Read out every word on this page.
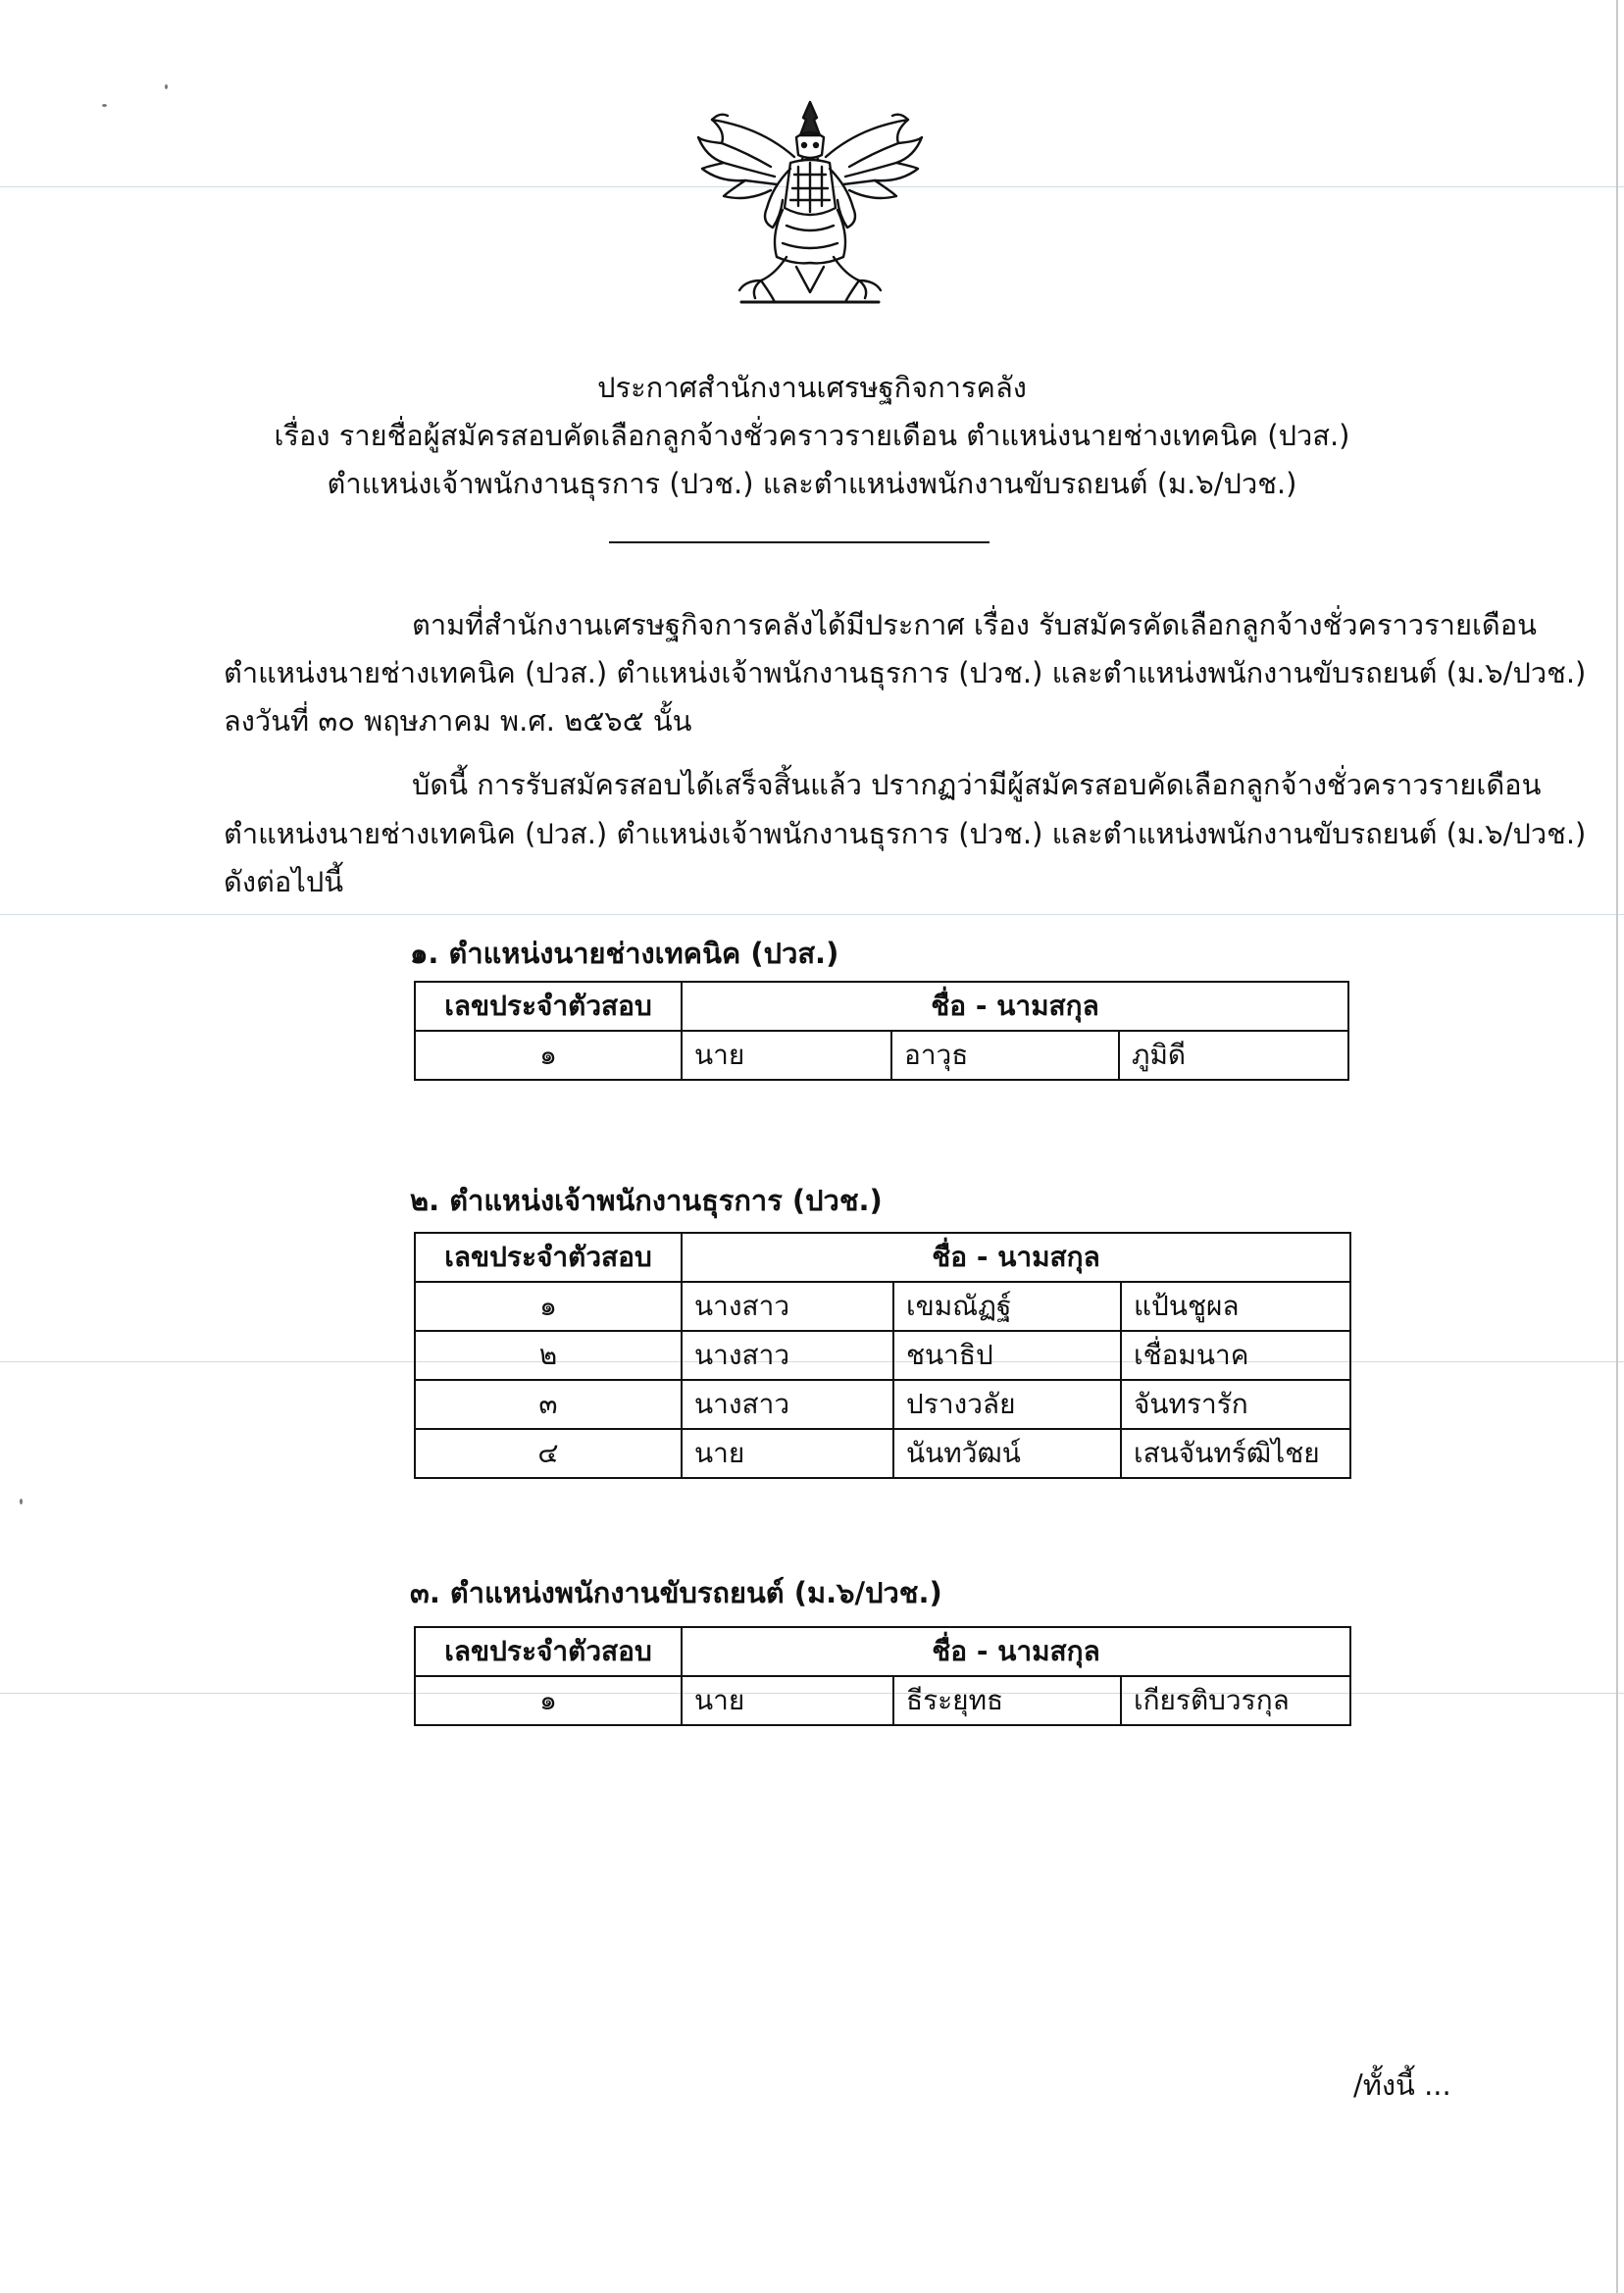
ประกาศสำนักงานเศรษฐกิจการคลัง
เรื่อง รายชื่อผู้สมัครสอบคัดเลือกลูกจ้างชั่วคราวรายเดือน ตำแหน่งนายช่างเทคนิค (ปวส.)
ตำแหน่งเจ้าพนักงานธุรการ (ปวช.) และตำแหน่งพนักงานขับรถยนต์ (ม.๖/ปวช.)
ตามที่สำนักงานเศรษฐกิจการคลังได้มีประกาศ เรื่อง รับสมัครคัดเลือกลูกจ้างชั่วคราวรายเดือน
ตำแหน่งนายช่างเทคนิค (ปวส.) ตำแหน่งเจ้าพนักงานธุรการ (ปวช.) และตำแหน่งพนักงานขับรถยนต์ (ม.๖/ปวช.)
ลงวันที่ ๓๐ พฤษภาคม พ.ศ. ๒๕๖๕ นั้น
บัดนี้ การรับสมัครสอบได้เสร็จสิ้นแล้ว ปรากฏว่ามีผู้สมัครสอบคัดเลือกลูกจ้างชั่วคราวรายเดือน
ตำแหน่งนายช่างเทคนิค (ปวส.) ตำแหน่งเจ้าพนักงานธุรการ (ปวช.) และตำแหน่งพนักงานขับรถยนต์ (ม.๖/ปวช.)
ดังต่อไปนี้
๑. ตำแหน่งนายช่างเทคนิค (ปวส.)
เลขประจำตัวสอบ	ชื่อ - นามสกุล		
๑	นาย	อาวุธ	ภูมิดี
๒. ตำแหน่งเจ้าพนักงานธุรการ (ปวช.)
เลขประจำตัวสอบ	ชื่อ - นามสกุล		
๑	นางสาว	เขมณัฏฐ์	แป้นชูผล
๒	นางสาว	ชนาธิป	เชื่อมนาค
๓	นางสาว	ปรางวลัย	จันทรารัก
๔	นาย	นันทวัฒน์	เสนจันทร์ฒิไชย
๓. ตำแหน่งพนักงานขับรถยนต์ (ม.๖/ปวช.)
เลขประจำตัวสอบ	ชื่อ - นามสกุล		
๑	นาย	ธีระยุทธ	เกียรติบวรกุล
/ทั้งนี้ ...
